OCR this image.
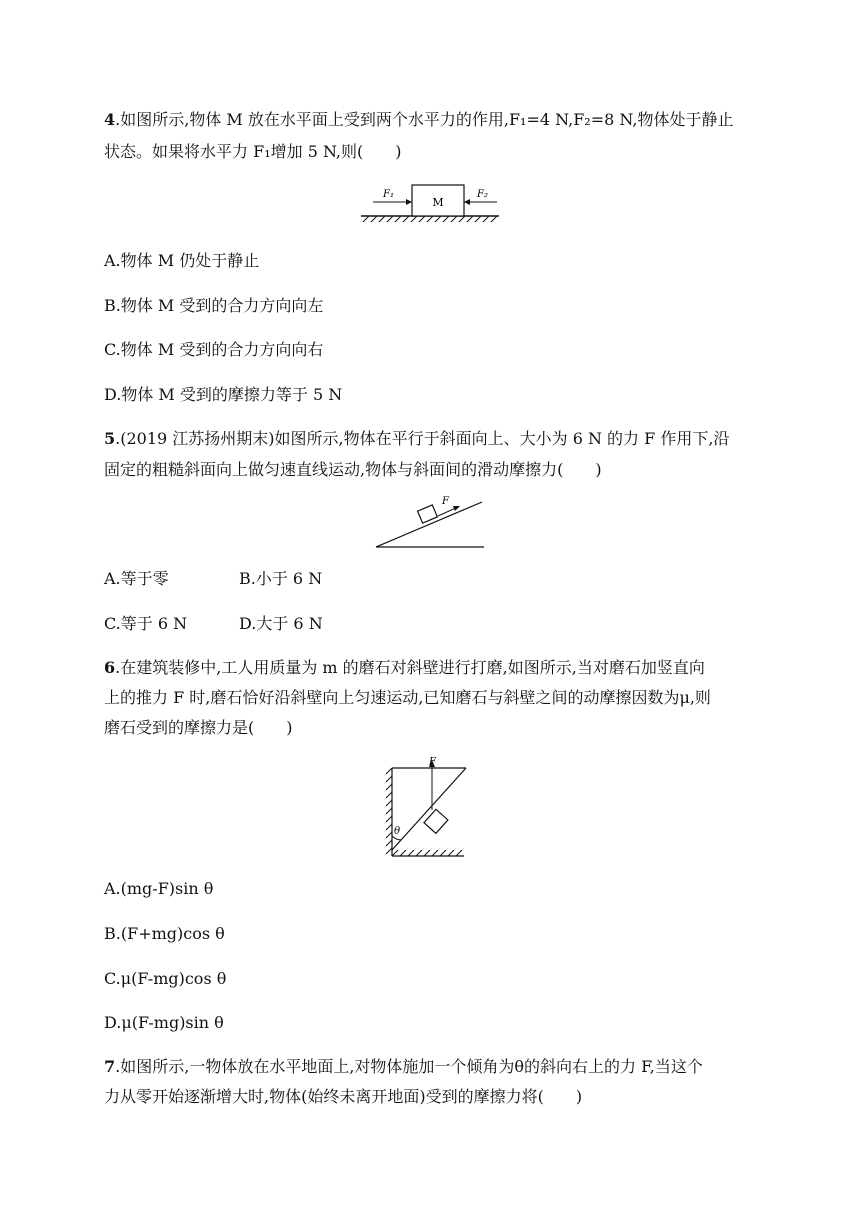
4.如图所示,物体 M 放在水平面上受到两个水平力的作用,F₁=4 N,F₂=8 N,物体处于静止
状态。如果将水平力 F₁增加 5 N,则(　　)
M
F₁	F₂
A.物体 M 仍处于静止
B.物体 M 受到的合力方向向左
C.物体 M 受到的合力方向向右
D.物体 M 受到的摩擦力等于 5 N
5.(2019 江苏扬州期末)如图所示,物体在平行于斜面向上、大小为 6 N 的力 F 作用下,沿
固定的粗糙斜面向上做匀速直线运动,物体与斜面间的滑动摩擦力(　　)
F
A.等于零	B.小于 6 N
C.等于 6 N	D.大于 6 N
6.在建筑装修中,工人用质量为 m 的磨石对斜壁进行打磨,如图所示,当对磨石加竖直向
上的推力 F 时,磨石恰好沿斜壁向上匀速运动,已知磨石与斜壁之间的动摩擦因数为μ,则
磨石受到的摩擦力是(　　)
θ
F
A.(mg-F)sin θ
B.(F+mg)cos θ
C.μ(F-mg)cos θ
D.μ(F-mg)sin θ
7.如图所示,一物体放在水平地面上,对物体施加一个倾角为θ的斜向右上的力 F,当这个
力从零开始逐渐增大时,物体(始终未离开地面)受到的摩擦力将(　　)
